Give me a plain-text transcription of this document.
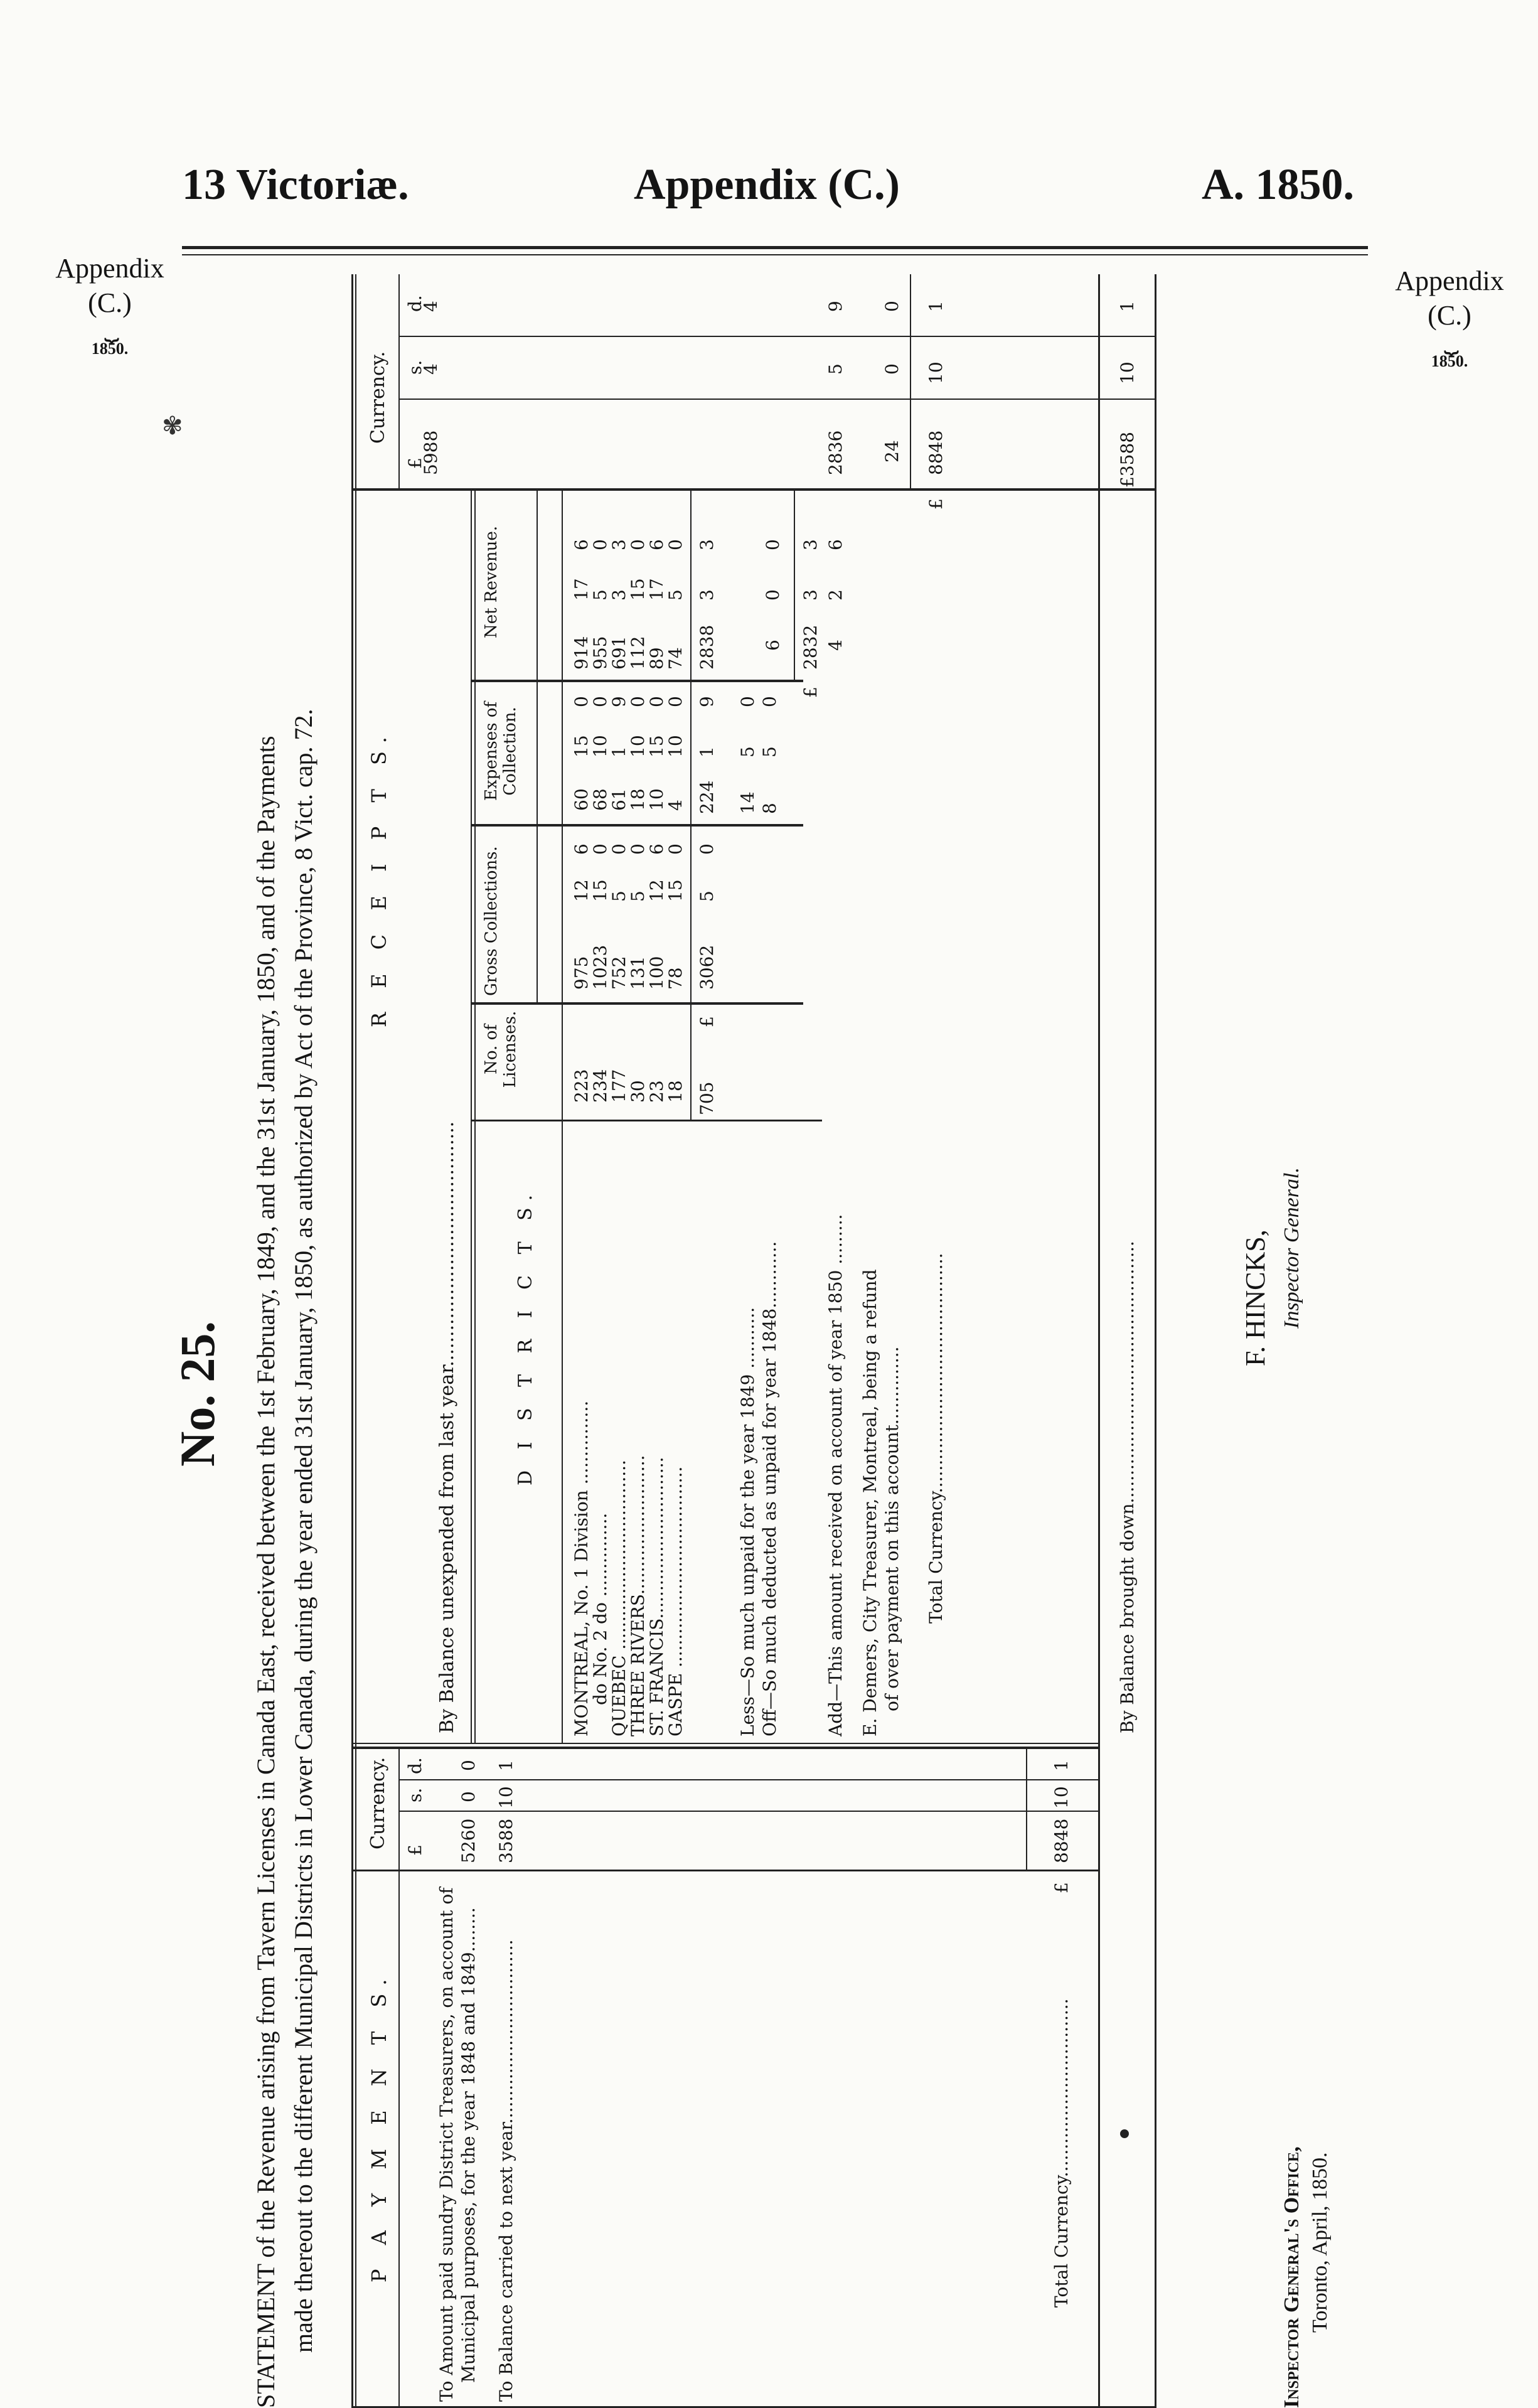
13 Victoriæ.	Appendix (C.)	A. 1850.
Appendix
(C.)
⏟
1850.
Appendix
(C.)
⏟
1850.
✾
No. 25. STATEMENT of the Revenue arising from Tavern Licenses in Canada East, received between the 1st February, 1849, and the 31st January, 1850, and of the Payments made thereout to the different Municipal Districts in Lower Canada, during the year ended 31st January, 1850, as authorized by Act of the Province, 8 Vict. cap. 72. P A Y M E N T S.
Currency.
£
s.
d.
To Amount paid sundry District Treasurers, on account of Municipal purposes, for the year 1848 and 1849........
5260
0
0
To Balance carried to next year.................................
3588
10
1
Total Currency................................
£
8848
10
1
R E C E I P T S.
Currency.
£
s.
d.
By Balance unexpended from last year.........................................
5988
4
4
D I S T R I C T S.
No. of Licenses.
Gross Collections.
Expenses of Collection.
Net Revenue.
MONTREAL, No. 1 Division ...............
223
975
12
6
60
15
0
914
17
6
do No. 2 do ...............
234
1023
15
0
68
10
0
955
5
0
QUEBEC ..................................
177
752
5
0
61
1
9
691
3
3
THREE RIVERS.........................
30
131
5
0
18
10
0
112
15
0
ST. FRANCIS.............................
23
100
12
6
10
15
0
89
17
6
GASPE ....................................
18
78
15
0
4
10
0
74
5
0
705
£
3062
5
0
224
1
9
2838
3
3
Less—So much unpaid for the year 1849 ........... Off—So much deducted as unpaid for year 1848............
14
5
0
8
5
0
6
0
0
Add—This amount received on account of year 1850 .........
£
2832
3
3
4
2
6
2836
5
9
E. Demers, City Treasurer, Montreal, being a refund of over payment on this account..............
24
0
0
Total Currency...........................................
£
8848
10
1
By Balance brought down...............................................
£3588
10
1
F. HINCKS, Inspector General.
Inspector General's Office, Toronto, April, 1850.
